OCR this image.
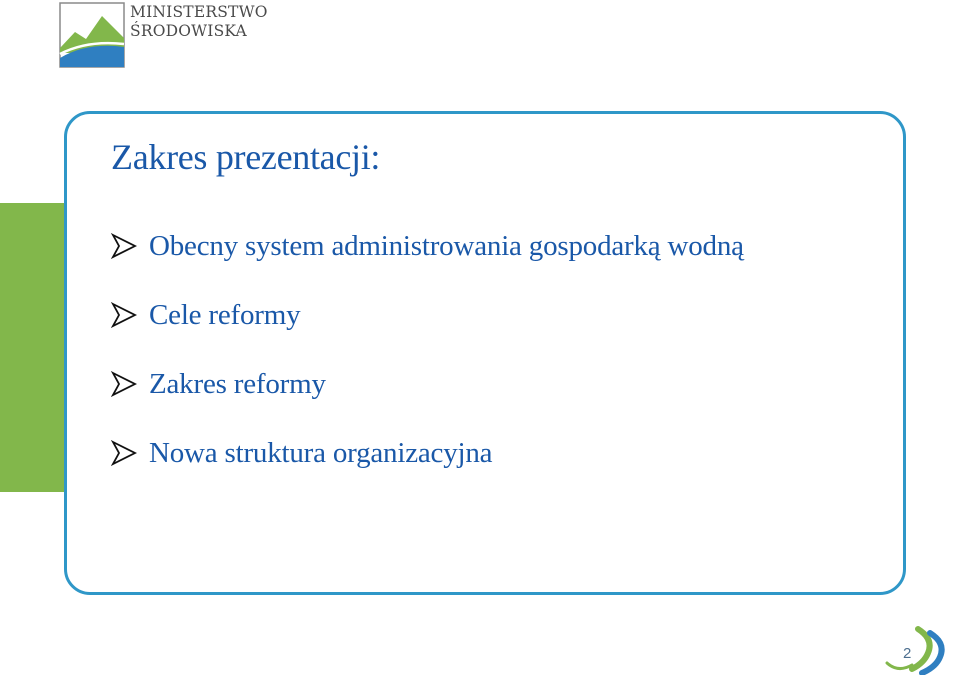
MINISTERSTWO
ŚRODOWISKA
Zakres prezentacji:
Obecny system administrowania gospodarką wodną
Cele reformy
Zakres reformy
Nowa struktura organizacyjna
2
